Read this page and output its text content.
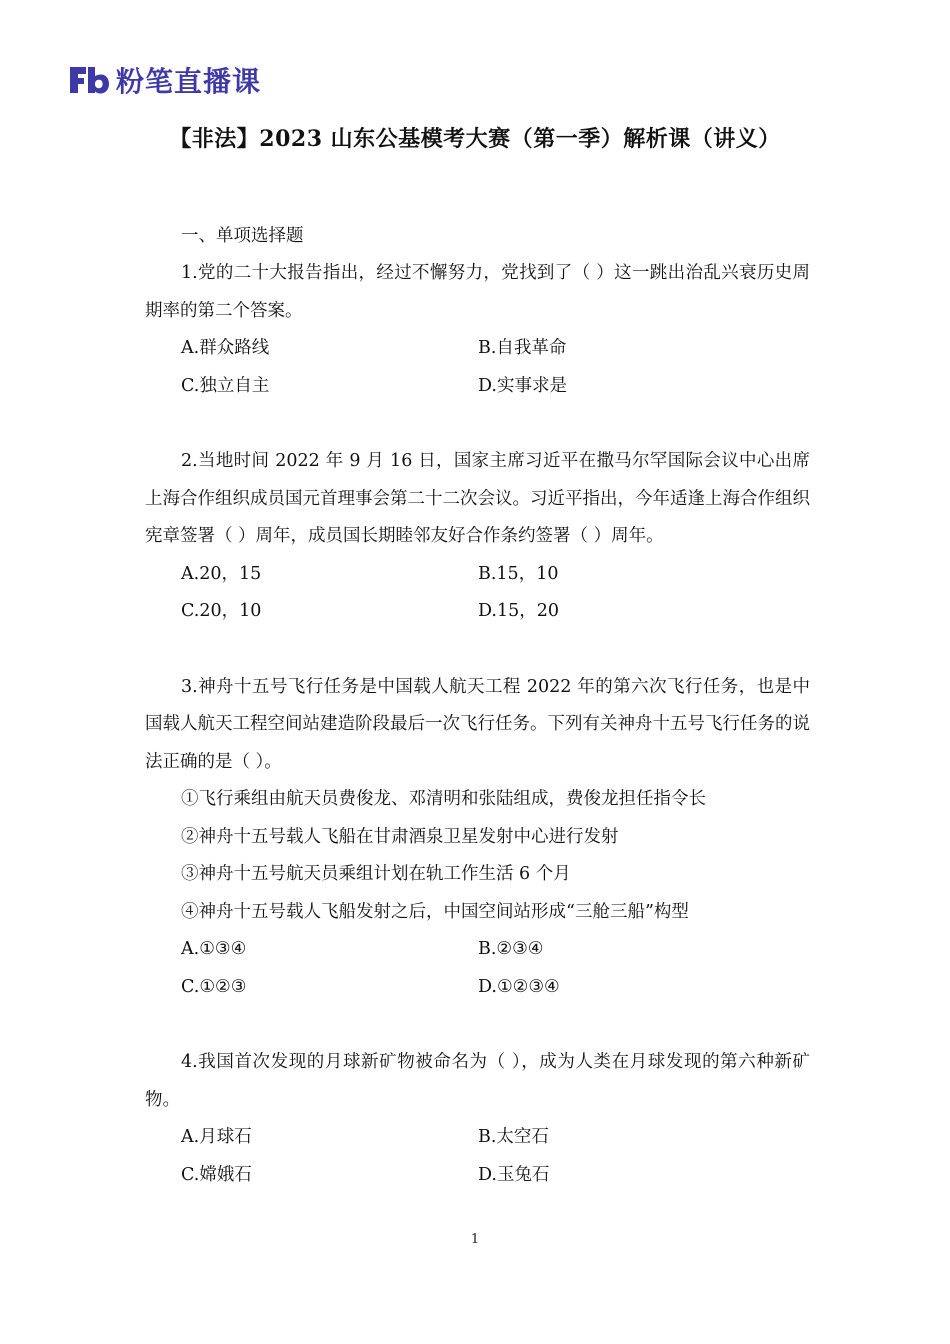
粉笔直播课
【非法】2023 山东公基模考大赛（第一季）解析课（讲义）
一、单项选择题
1.党的二十大报告指出，经过不懈努力，党找到了（ ）这一跳出治乱兴衰历史周期率的第二个答案。
A.群众路线	B.自我革命
C.独立自主	D.实事求是
2.当地时间 2022 年 9 月 16 日，国家主席习近平在撒马尔罕国际会议中心出席上海合作组织成员国元首理事会第二十二次会议。习近平指出，今年适逢上海合作组织宪章签署（ ）周年，成员国长期睦邻友好合作条约签署（ ）周年。
A.20，15	B.15，10
C.20，10	D.15，20
3.神舟十五号飞行任务是中国载人航天工程 2022 年的第六次飞行任务，也是中国载人航天工程空间站建造阶段最后一次飞行任务。下列有关神舟十五号飞行任务的说法正确的是（ ）。
①飞行乘组由航天员费俊龙、邓清明和张陆组成，费俊龙担任指令长
②神舟十五号载人飞船在甘肃酒泉卫星发射中心进行发射
③神舟十五号航天员乘组计划在轨工作生活 6 个月
④神舟十五号载人飞船发射之后，中国空间站形成“三舱三船”构型
A.①③④	B.②③④
C.①②③	D.①②③④
4.我国首次发现的月球新矿物被命名为（ ），成为人类在月球发现的第六种新矿物。
A.月球石	B.太空石
C.嫦娥石	D.玉兔石
1
